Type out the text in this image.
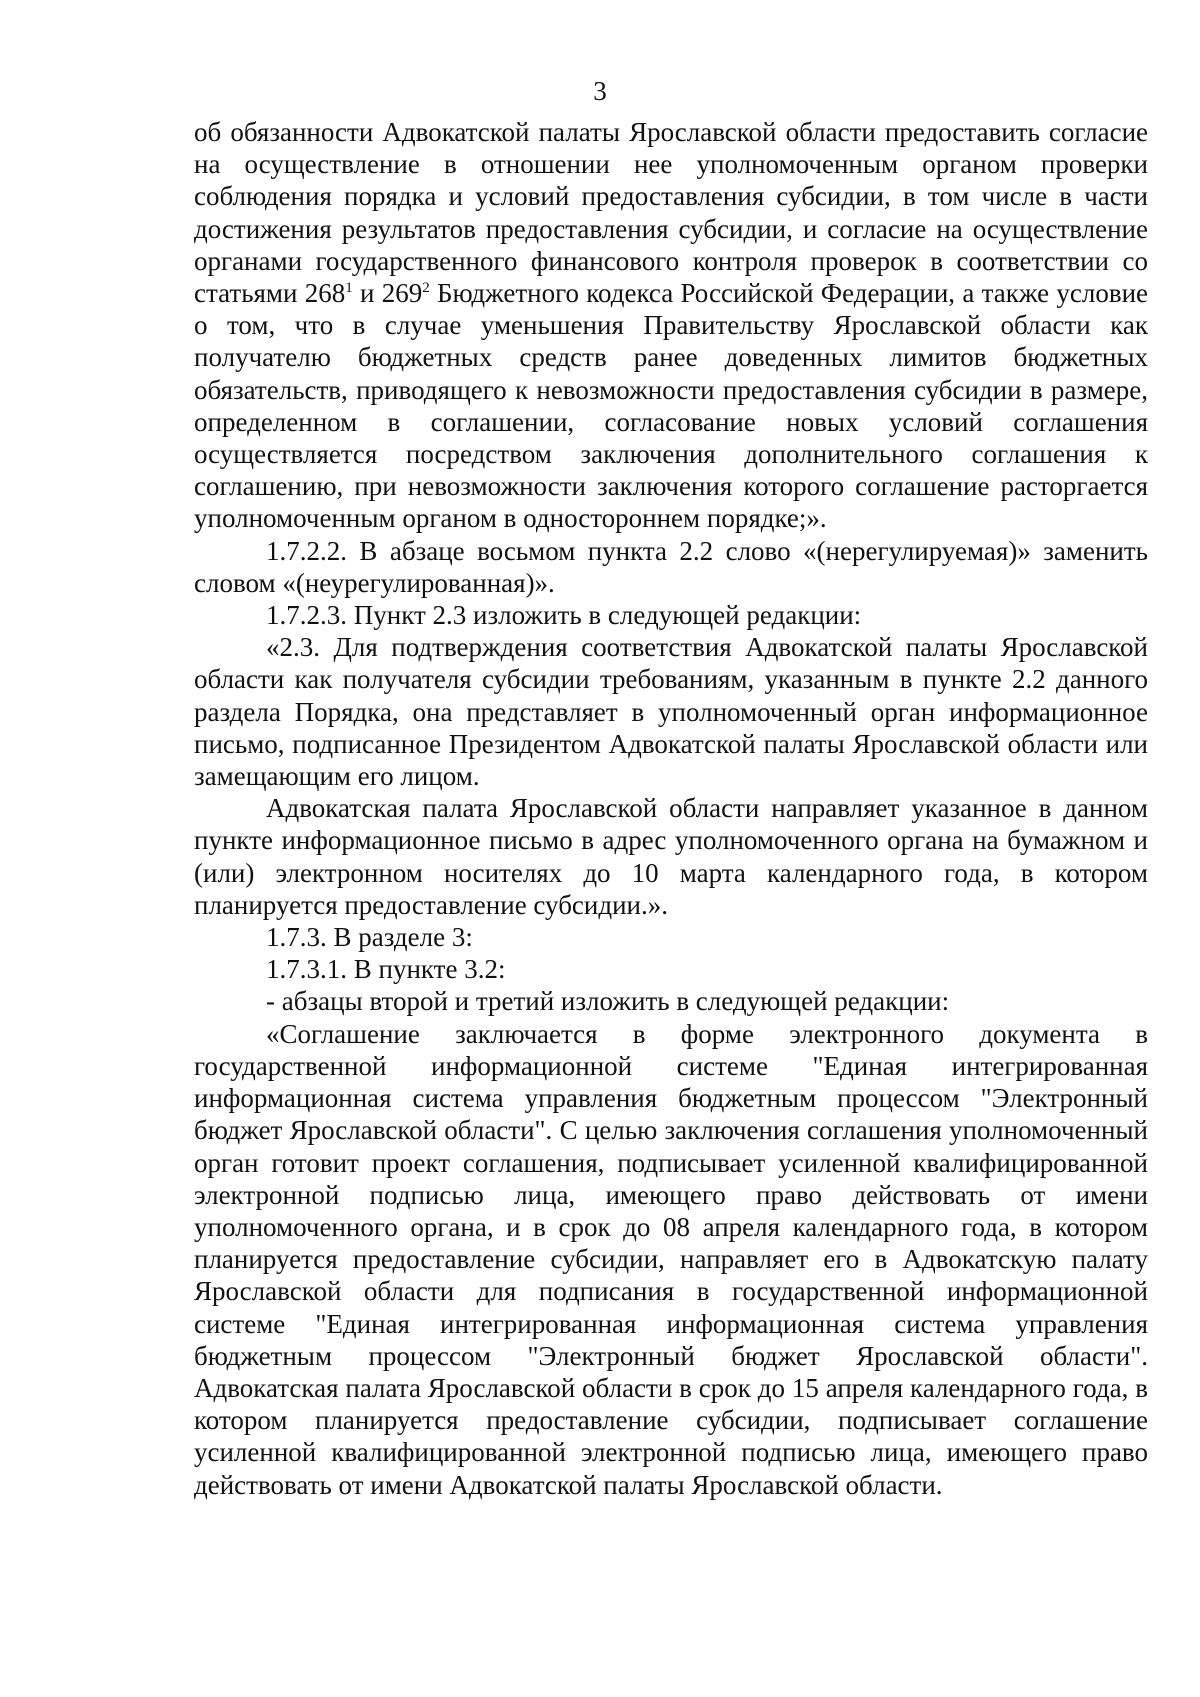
3

об обязанности Адвокатской палаты Ярославской области предоставить согласие на осуществление в отношении нее уполномоченным органом проверки соблюдения порядка и условий предоставления субсидии, в том числе в части достижения результатов предоставления субсидии, и согласие на осуществление органами государственного финансового контроля проверок в соответствии со статьями $268^1$ и $269^2$ Бюджетного кодекса Российской Федерации, а также условие о том, что в случае уменьшения Правительству Ярославской области как получателю бюджетных средств ранее доведенных лимитов бюджетных обязательств, приводящего к невозможности предоставления субсидии в размере, определенном в соглашении, согласование новых условий соглашения осуществляется посредством заключения дополнительного соглашения к соглашению, при невозможности заключения которого соглашение расторгается уполномоченным органом в одностороннем порядке;».

1.7.2.2. В абзаце восьмом пункта 2.2 слово «(нерегулируемая)» заменить словом «(неурегулированная)».

1.7.2.3. Пункт 2.3 изложить в следующей редакции:

«2.3. Для подтверждения соответствия Адвокатской палаты Ярославской области как получателя субсидии требованиям, указанным в пункте 2.2 данного раздела Порядка, она представляет в уполномоченный орган информационное письмо, подписанное Президентом Адвокатской палаты Ярославской области или замещающим его лицом.

Адвокатская палата Ярославской области направляет указанное в данном пункте информационное письмо в адрес уполномоченного органа на бумажном и (или) электронном носителях до 10 марта календарного года, в котором планируется предоставление субсидии.».

1.7.3. В разделе 3:

1.7.3.1. В пункте 3.2:

- абзацы второй и третий изложить в следующей редакции:

«Соглашение заключается в форме электронного документа в государственной информационной системе "Единая интегрированная информационная система управления бюджетным процессом "Электронный бюджет Ярославской области". С целью заключения соглашения уполномоченный орган готовит проект соглашения, подписывает усиленной квалифицированной электронной подписью лица, имеющего право действовать от имени уполномоченного органа, и в срок до 08 апреля календарного года, в котором планируется предоставление субсидии, направляет его в Адвокатскую палату Ярославской области для подписания в государственной информационной системе "Единая интегрированная информационная система управления бюджетным процессом "Электронный бюджет Ярославской области". Адвокатская палата Ярославской области в срок до 15 апреля календарного года, в котором планируется предоставление субсидии, подписывает соглашение усиленной квалифицированной электронной подписью лица, имеющего право действовать от имени Адвокатской палаты Ярославской области.
